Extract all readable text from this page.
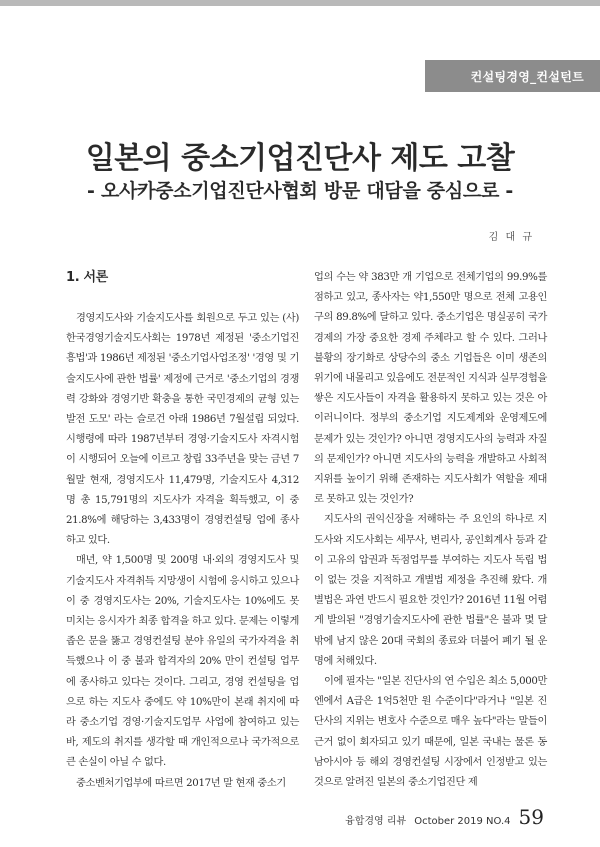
컨설팅경영_컨설턴트
일본의 중소기업진단사 제도 고찰
- 오사카중소기업진단사협회 방문 대담을 중심으로 -
김 대 규
1. 서론

경영지도사와 기술지도사를 회원으로 두고 있는 (사)한국경영기술지도사회는 1978년 제정된 '중소기업진흥법'과 1986년 제정된 '중소기업사업조정' '경영 및 기술지도사에 관한 법률' 제정에 근거로 '중소기업의 경쟁력 강화와 경영기반 확충을 통한 국민경제의 균형 있는 발전 도모' 라는 슬로건 아래 1986년 7월설립 되었다. 시행령에 따라 1987년부터 경영·기술지도사 자격시험이 시행되어 오늘에 이르고 창립 33주년을 맞는 금년 7월말 현재, 경영지도사 11,479명, 기술지도사 4,312명 총 15,791명의 지도사가 자격을 획득했고, 이 중 21.8%에 해당하는 3,433명이 경영컨설팅 업에 종사하고 있다.

매년, 약 1,500명 및 200명 내·외의 경영지도사 및 기술지도사 자격취득 지망생이 시험에 응시하고 있으나 이 중 경영지도사는 20%, 기술지도사는 10%에도 못 미치는 응시자가 최종 합격을 하고 있다. 문제는 이렇게 좁은 문을 뚫고 경영컨설팅 분야 유일의 국가자격을 취득했으나 이 중 불과 합격자의 20% 만이 컨설팅 업무에 종사하고 있다는 것이다. 그리고, 경영 컨설팅을 업으로 하는 지도사 중에도 약 10%만이 본래 취지에 따라 중소기업 경영·기술지도업무 사업에 참여하고 있는 바, 제도의 취지를 생각할 때 개인적으로나 국가적으로 큰 손실이 아닐 수 없다.

중소벤처기업부에 따르면 2017년 말 현재 중소기

업의 수는 약 383만 개 기업으로 전체기업의 99.9%를 점하고 있고, 종사자는 약1,550만 명으로 전체 고용인구의 89.8%에 달하고 있다. 중소기업은 명실공히 국가경제의 가장 중요한 경제 주체라고 할 수 있다. 그러나 불황의 장기화로 상당수의 중소 기업들은 이미 생존의 위기에 내몰리고 있음에도 전문적인 지식과 실무경험을 쌓은 지도사들이 자격을 활용하지 못하고 있는 것은 아이러니이다. 정부의 중소기업 지도제계와 운영제도에 문제가 있는 것인가? 아니면 경영지도사의 능력과 자질의 문제인가? 아니면 지도사의 능력을 개발하고 사회적 지위를 높이기 위해 존재하는 지도사회가 역할을 제대로 못하고 있는 것인가?

지도사의 권익신장을 저해하는 주 요인의 하나로 지도사와 지도사회는 세무사, 변리사, 공인회계사 등과 같이 고유의 압권과 독점업무를 부여하는 지도사 독립 법이 없는 것을 지적하고 개별법 제정을 추진해 왔다. 개별법은 과연 반드시 필요한 것인가? 2016년 11월 어렵게 발의된 "경영기술지도사에 관한 법률"은 불과 몇 달 밖에 남지 않은 20대 국회의 종료와 더불어 폐기 될 운명에 처해있다.

이에 필자는 "일본 진단사의 연 수입은 최소 5,000만 엔에서 A급은 1억5천만 원 수준이다"라거나 "일본 진단사의 지위는 변호사 수준으로 매우 높다"라는 말들이 근거 없이 회자되고 있기 때문에, 일본 국내는 물론 동남아시아 등 해외 경영컨설팅 시장에서 인정받고 있는 것으로 알려진 일본의 중소기업진단 제

융합경영 리뷰 October 2019 NO.4 59
